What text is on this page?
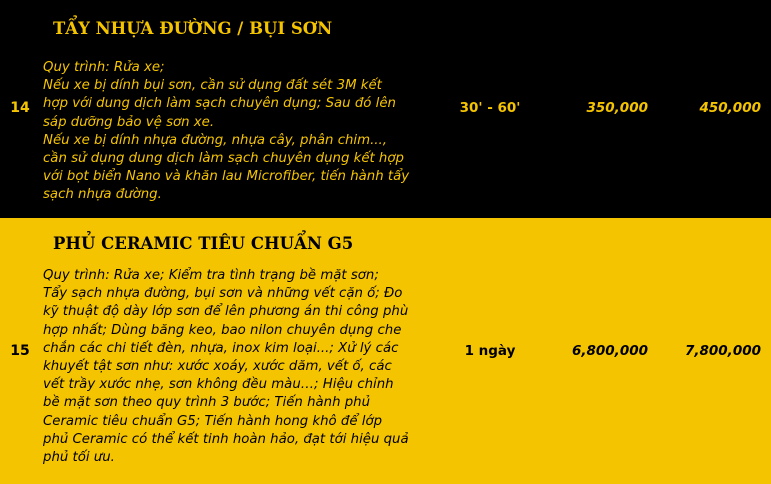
TẨY NHỰA ĐƯỜNG / BỤI SƠN
14

Quy trình: Rửa xe;
Nếu xe bị dính bụi sơn, cần sử dụng đất sét 3M kết
hợp với dung dịch làm sạch chuyên dụng; Sau đó lên
sáp dưỡng bảo vệ sơn xe.
Nếu xe bị dính nhựa đường, nhựa cây, phân chim...,
cần sử dụng dung dịch làm sạch chuyên dụng kết hợp
với bọt biển Nano và khăn lau Microfiber, tiến hành tẩy
sạch nhựa đường.

30' - 60'	350,000	450,000
PHỦ CERAMIC TIÊU CHUẨN G5
15

Quy trình: Rửa xe; Kiểm tra tình trạng bề mặt sơn;
Tẩy sạch nhựa đường, bụi sơn và những vết cặn ố; Đo
kỹ thuật độ dày lớp sơn để lên phương án thi công phù
hợp nhất; Dùng băng keo, bao nilon chuyên dụng che
chắn các chi tiết đèn, nhựa, inox kim loại...; Xử lý các
khuyết tật sơn như: xước xoáy, xước dăm, vết ố, các
vết trầy xước nhẹ, sơn không đều màu…; Hiệu chỉnh
bề mặt sơn theo quy trình 3 bước; Tiến hành phủ
Ceramic tiêu chuẩn G5; Tiến hành hong khô để lớp
phủ Ceramic có thể kết tinh hoàn hảo, đạt tới hiệu quả
phủ tối ưu.

1 ngày	6,800,000	7,800,000
